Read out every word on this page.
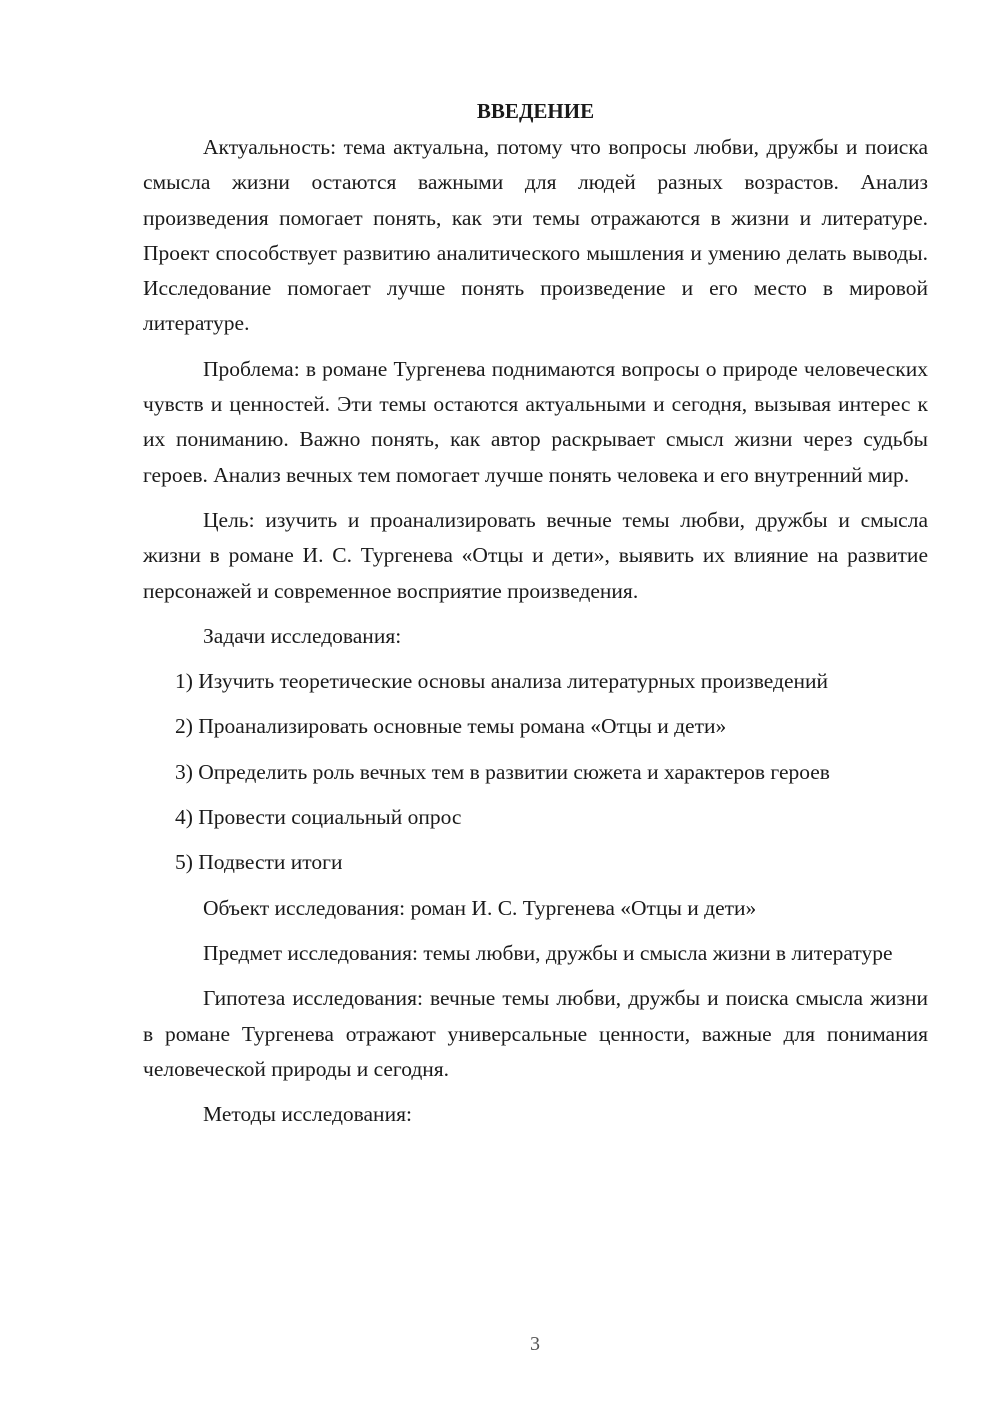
ВВЕДЕНИЕ

Актуальность: тема актуальна, потому что вопросы любви, дружбы и поиска смысла жизни остаются важными для людей разных возрастов. Анализ произведения помогает понять, как эти темы отражаются в жизни и литературе. Проект способствует развитию аналитического мышления и умению делать выводы. Исследование помогает лучше понять произведение и его место в мировой литературе.

Проблема: в романе Тургенева поднимаются вопросы о природе человеческих чувств и ценностей. Эти темы остаются актуальными и сегодня, вызывая интерес к их пониманию. Важно понять, как автор раскрывает смысл жизни через судьбы героев. Анализ вечных тем помогает лучше понять человека и его внутренний мир.

Цель: изучить и проанализировать вечные темы любви, дружбы и смысла жизни в романе И. С. Тургенева «Отцы и дети», выявить их влияние на развитие персонажей и современное восприятие произведения.

Задачи исследования:

1) Изучить теоретические основы анализа литературных произведений

2) Проанализировать основные темы романа «Отцы и дети»

3) Определить роль вечных тем в развитии сюжета и характеров героев

4) Провести социальный опрос

5) Подвести итоги

Объект исследования: роман И. С. Тургенева «Отцы и дети»

Предмет исследования: темы любви, дружбы и смысла жизни в литературе

Гипотеза исследования: вечные темы любви, дружбы и поиска смысла жизни в романе Тургенева отражают универсальные ценности, важные для понимания человеческой природы и сегодня.

Методы исследования:

3
